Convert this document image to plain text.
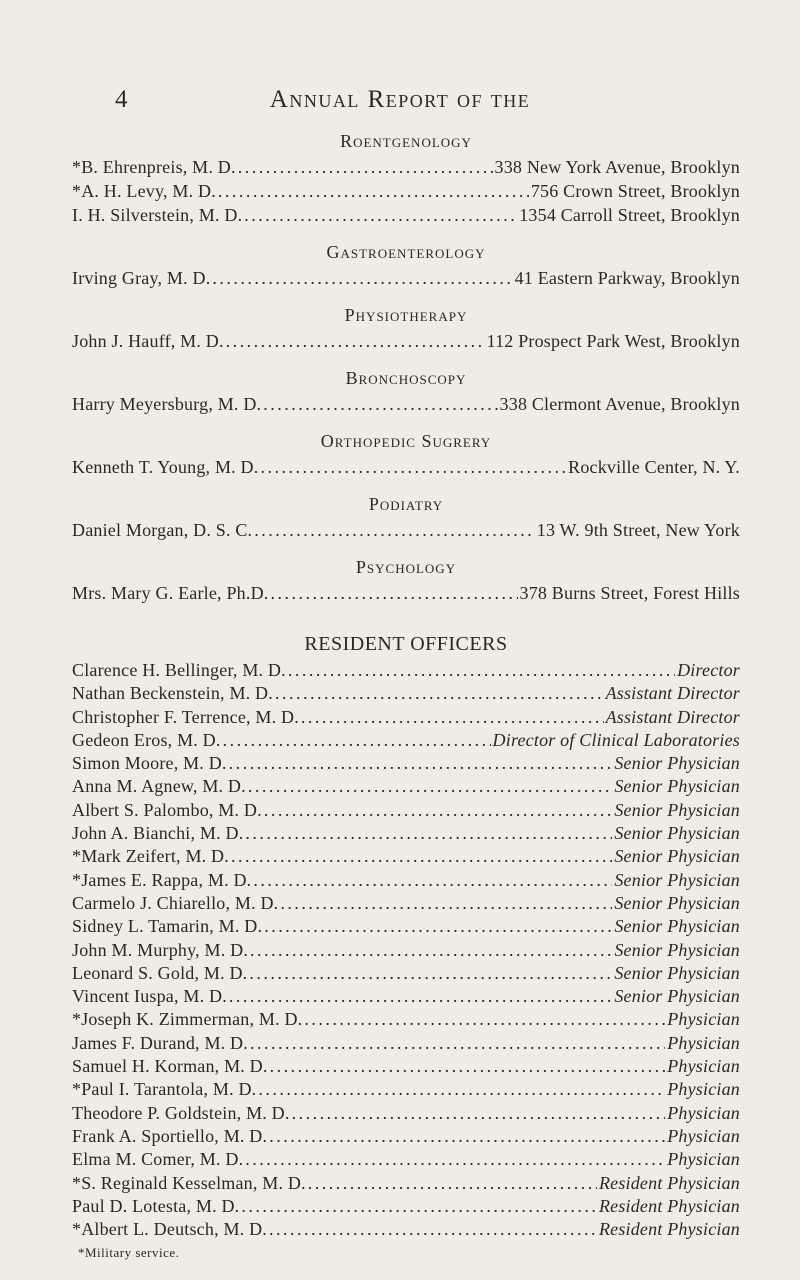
4	Annual Report of the
Roentgenology
*B. Ehrenpreis, M. D. . . .	338 New York Avenue, Brooklyn
*A. H. Levy, M. D. . . .	756 Crown Street, Brooklyn
I. H. Silverstein, M. D. . . .	1354 Carroll Street, Brooklyn
Gastroenterology
Irving Gray, M. D. . . .	41 Eastern Parkway, Brooklyn
Physiotherapy
John J. Hauff, M. D. . . .	112 Prospect Park West, Brooklyn
Bronchoscopy
Harry Meyersburg, M. D. . . .	338 Clermont Avenue, Brooklyn
Orthopedic Sugrery
Kenneth T. Young, M. D. . . .	Rockville Center, N. Y.
Podiatry
Daniel Morgan, D. S. C. . . .	13 W. 9th Street, New York
Psychology
Mrs. Mary G. Earle, Ph.D. . . .	378 Burns Street, Forest Hills
RESIDENT OFFICERS
Clarence H. Bellinger, M. D. . . .	Director
Nathan Beckenstein, M. D. . . .	Assistant Director
Christopher F. Terrence, M. D. . . .	Assistant Director
Gedeon Eros, M. D. . . .	Director of Clinical Laboratories
Simon Moore, M. D. . . .	Senior Physician
Anna M. Agnew, M. D. . . .	Senior Physician
Albert S. Palombo, M. D. . . .	Senior Physician
John A. Bianchi, M. D. . . .	Senior Physician
*Mark Zeifert, M. D. . . .	Senior Physician
*James E. Rappa, M. D. . . .	Senior Physician
Carmelo J. Chiarello, M. D. . . .	Senior Physician
Sidney L. Tamarin, M. D. . . .	Senior Physician
John M. Murphy, M. D. . . .	Senior Physician
Leonard S. Gold, M. D. . . .	Senior Physician
Vincent Iuspa, M. D. . . .	Senior Physician
*Joseph K. Zimmerman, M. D. . . .	Physician
James F. Durand, M. D. . . .	Physician
Samuel H. Korman, M. D. . . .	Physician
*Paul I. Tarantola, M. D. . . .	Physician
Theodore P. Goldstein, M. D. . . .	Physician
Frank A. Sportiello, M. D. . . .	Physician
Elma M. Comer, M. D. . . .	Physician
*S. Reginald Kesselman, M. D. . . .	Resident Physician
Paul D. Lotesta, M. D. . . .	Resident Physician
*Albert L. Deutsch, M. D. . . .	Resident Physician
*Military service.
